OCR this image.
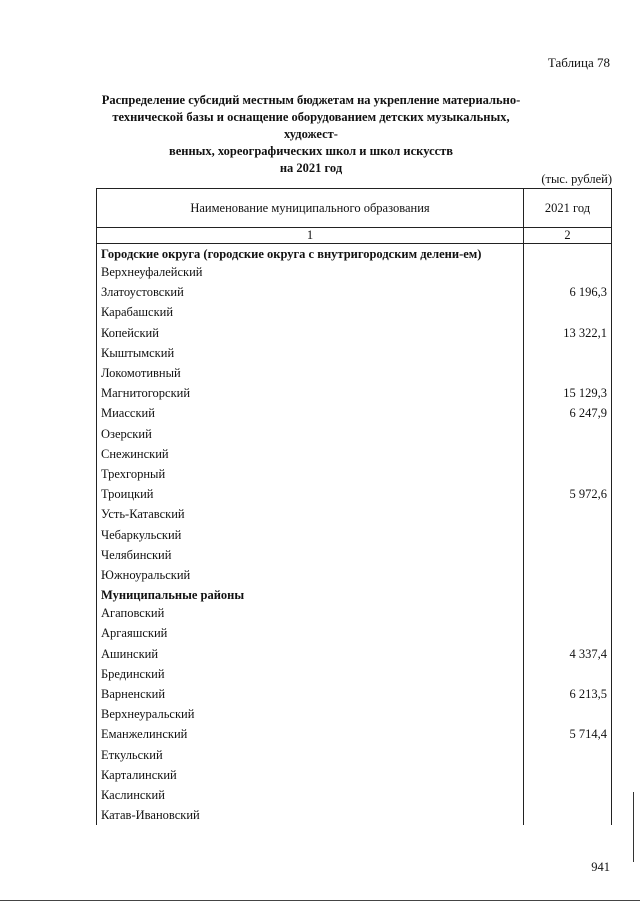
Таблица 78
Распределение субсидий местным бюджетам на укрепление материально-
технической базы и оснащение оборудованием детских музыкальных, художест-
венных, хореографических школ и школ искусств
на 2021 год
(тыс. рублей)
Наименование муниципального образования	2021 год
1	2
Городские округа (городские округа с внутригородским делени-ем)	
Верхнеуфалейский	
Златоустовский	6 196,3
Карабашский	
Копейский	13 322,1
Кыштымский	
Локомотивный	
Магнитогорский	15 129,3
Миасский	6 247,9
Озерский	
Снежинский	
Трехгорный	
Троицкий	5 972,6
Усть-Катавский	
Чебаркульский	
Челябинский	
Южноуральский	
Муниципальные районы	
Агаповский	
Аргаяшский	
Ашинский	4 337,4
Брединский	
Варненский	6 213,5
Верхнеуральский	
Еманжелинский	5 714,4
Еткульский	
Карталинский	
Каслинский	
Катав-Ивановский	
941
